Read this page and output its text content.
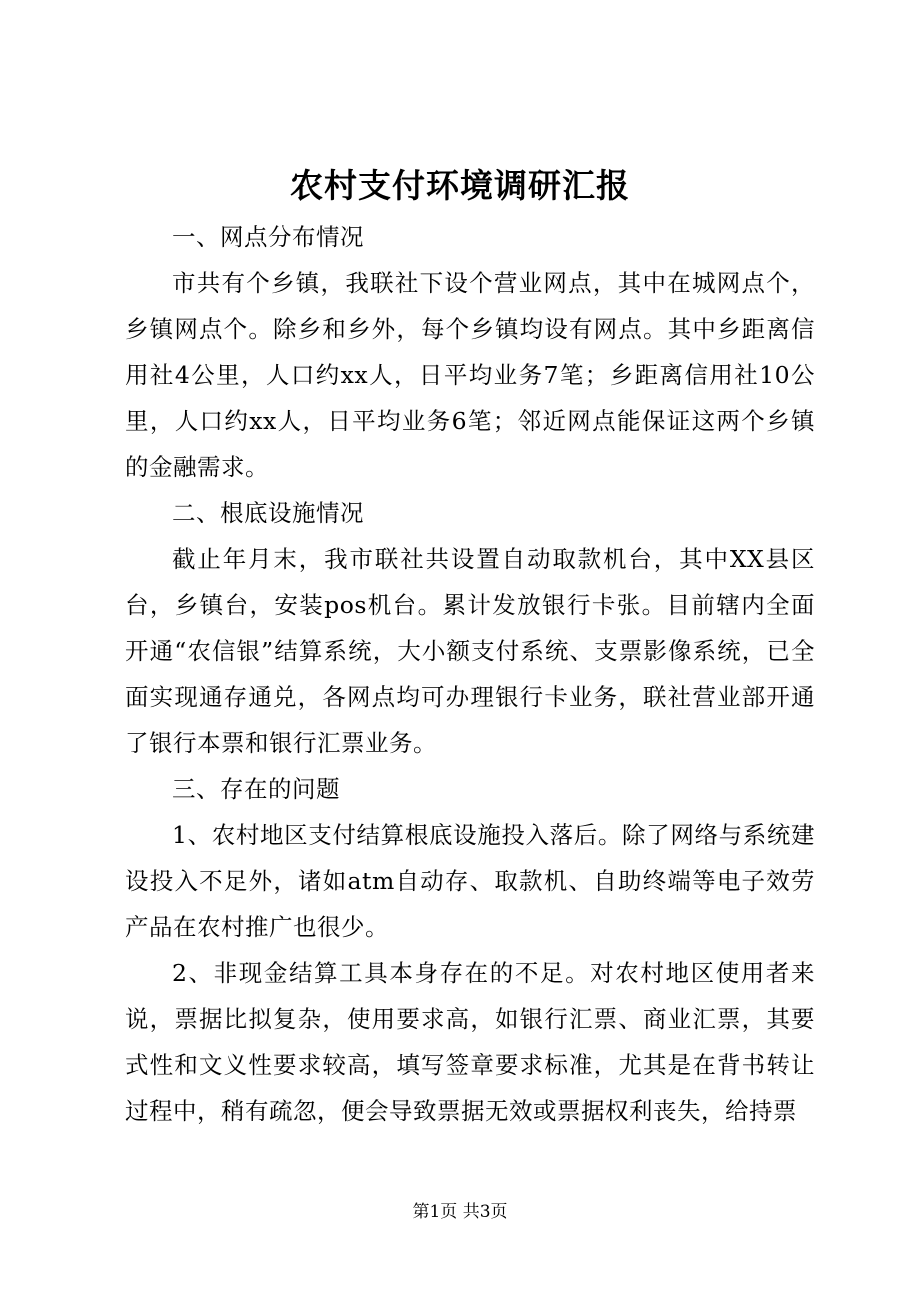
农村支付环境调研汇报

一、网点分布情况

市共有个乡镇，我联社下设个营业网点，其中在城网点个，乡镇网点个。除乡和乡外，每个乡镇均设有网点。其中乡距离信用社4公里，人口约xx人，日平均业务7笔；乡距离信用社10公里，人口约xx人，日平均业务6笔；邻近网点能保证这两个乡镇的金融需求。

二、根底设施情况

截止年月末，我市联社共设置自动取款机台，其中XX县区台，乡镇台，安装pos机台。累计发放银行卡张。目前辖内全面开通“农信银”结算系统，大小额支付系统、支票影像系统，已全面实现通存通兑，各网点均可办理银行卡业务，联社营业部开通了银行本票和银行汇票业务。

三、存在的问题

1、农村地区支付结算根底设施投入落后。除了网络与系统建设投入不足外，诸如atm自动存、取款机、自助终端等电子效劳产品在农村推广也很少。

2、非现金结算工具本身存在的不足。对农村地区使用者来说，票据比拟复杂，使用要求高，如银行汇票、商业汇票，其要式性和文义性要求较高，填写签章要求标准，尤其是在背书转让过程中，稍有疏忽，便会导致票据无效或票据权利丧失，给持票

第1页 共3页
